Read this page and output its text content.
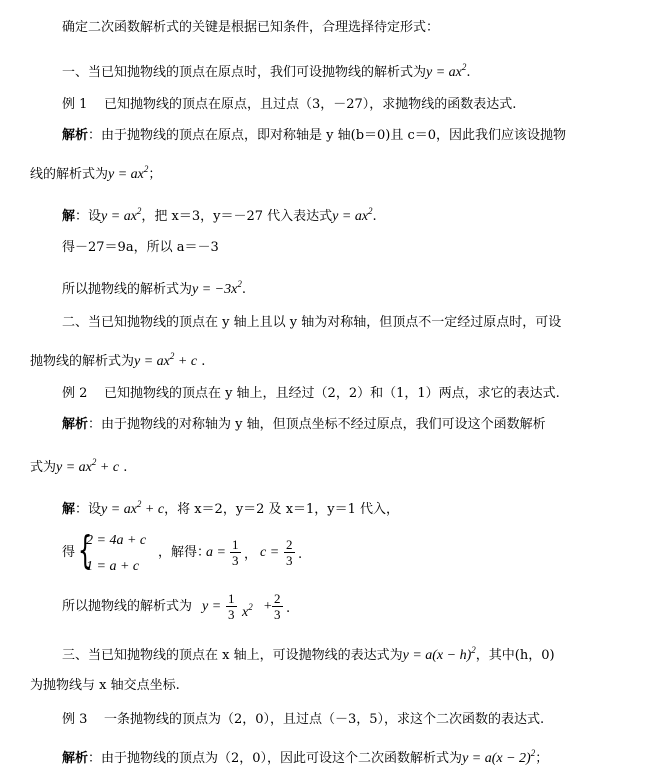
确定二次函数解析式的关键是根据已知条件，合理选择待定形式：
一、当已知抛物线的顶点在原点时，我们可设抛物线的解析式为$y = ax^2$.
例 1 已知抛物线的顶点在原点，且过点（3，－27），求抛物线的函数表达式.
解析：由于抛物线的顶点在原点，即对称轴是 y 轴(b＝0)且 c＝0，因此我们应该设抛物
线的解析式为$y = ax^2$；
解：设$y = ax^2$，把 x＝3，y＝－27 代入表达式$y = ax^2$.
得－27＝9a，所以 a＝－3
所以抛物线的解析式为$y = -3x^2$.
二、当已知抛物线的顶点在 y 轴上且以 y 轴为对称轴，但顶点不一定经过原点时，可设
抛物线的解析式为$y = ax^2 + c$ .
例 2 已知抛物线的顶点在 y 轴上，且经过（2，2）和（1，1）两点，求它的表达式.
解析：由于抛物线的对称轴为 y 轴，但顶点坐标不经过原点，我们可设这个函数解析
式为$y = ax^2 + c$ .
解：设$y = ax^2 + c$，将 x＝2，y＝2 及 x＝1，y＝1 代入，
得 {
2 = 4a + c
1 = a + c
，解得：
$a = \frac{1}{3}$ ， $c = \frac{2}{3}$ .
所以抛物线的解析式为 $y = \frac{1}{3} x^2 + \frac{2}{3}$ .
三、当已知抛物线的顶点在 x 轴上，可设抛物线的表达式为$y = a(x - h)^2$，其中(h，0)
为抛物线与 x 轴交点坐标.
例 3 一条抛物线的顶点为（2，0），且过点（－3，5），求这个二次函数的表达式.
解析：由于抛物线的顶点为（2，0），因此可设这个二次函数解析式为$y = a(x - 2)^2$；
